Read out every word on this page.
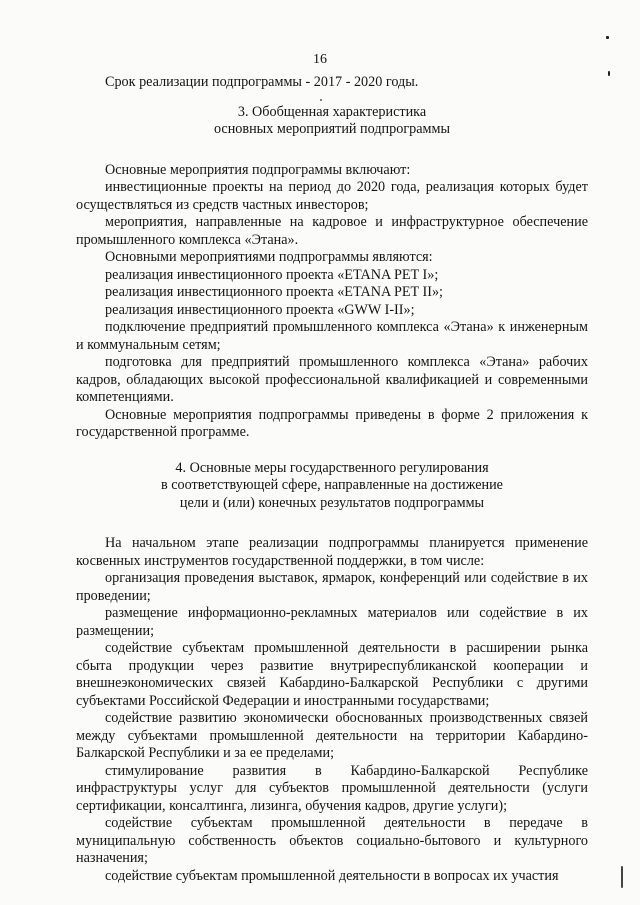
16

Срок реализации подпрограммы - 2017 - 2020 годы.

3. Обобщенная характеристика

основных мероприятий подпрограммы

Основные мероприятия подпрограммы включают:

инвестиционные проекты на период до 2020 года, реализация которых будет осуществляться из средств частных инвесторов;

мероприятия, направленные на кадровое и инфраструктурное обеспечение промышленного комплекса «Этана».

Основными мероприятиями подпрограммы являются:

реализация инвестиционного проекта «ETANA PET I»;

реализация инвестиционного проекта «ETANA PET II»;

реализация инвестиционного проекта «GWW I-II»;

подключение предприятий промышленного комплекса «Этана» к инженерным и коммунальным сетям;

подготовка для предприятий промышленного комплекса «Этана» рабочих кадров, обладающих высокой профессиональной квалификацией и современными компетенциями.

Основные мероприятия подпрограммы приведены в форме 2 приложения к государственной программе.

4. Основные меры государственного регулирования

в соответствующей сфере, направленные на достижение

цели и (или) конечных результатов подпрограммы

На начальном этапе реализации подпрограммы планируется применение косвенных инструментов государственной поддержки, в том числе:

организация проведения выставок, ярмарок, конференций или содействие в их проведении;

размещение информационно-рекламных материалов или содействие в их размещении;

содействие субъектам промышленной деятельности в расширении рынка сбыта продукции через развитие внутриреспубликанской кооперации и внешнеэкономических связей Кабардино-Балкарской Республики с другими субъектами Российской Федерации и иностранными государствами;

содействие развитию экономически обоснованных производственных связей между субъектами промышленной деятельности на территории Кабардино-Балкарской Республики и за ее пределами;

стимулирование развития в Кабардино-Балкарской Республике инфраструктуры услуг для субъектов промышленной деятельности (услуги сертификации, консалтинга, лизинга, обучения кадров, другие услуги);

содействие субъектам промышленной деятельности в передаче в муниципальную собственность объектов социально-бытового и культурного назначения;

содействие субъектам промышленной деятельности в вопросах их участия
